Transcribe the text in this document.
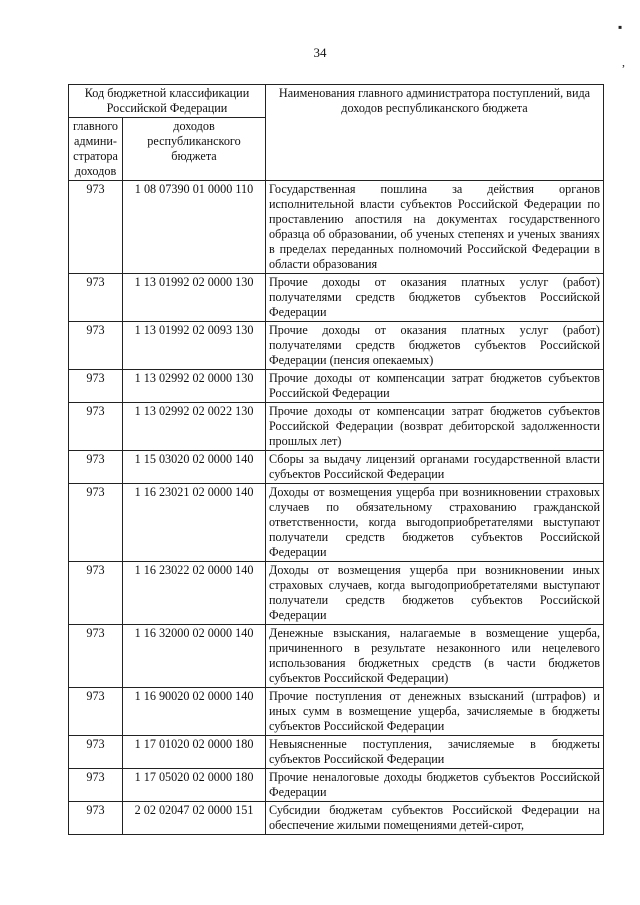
34
▪
,
Код бюджетной классификации Российской Федерации		Наименования главного администратора поступлений, вида доходов республиканского бюджета
главного админи-стратора доходов	доходов республиканского бюджета	
973	1 08 07390 01 0000 110	Государственная пошлина за действия органов исполнительной власти субъектов Российской Федерации по проставлению апостиля на документах государственного образца об образовании, об ученых степенях и ученых званиях в пределах переданных полномочий Российской Федерации в области образования
973	1 13 01992 02 0000 130	Прочие доходы от оказания платных услуг (работ) получателями средств бюджетов субъектов Российской Федерации
973	1 13 01992 02 0093 130	Прочие доходы от оказания платных услуг (работ) получателями средств бюджетов субъектов Российской Федерации (пенсия опекаемых)
973	1 13 02992 02 0000 130	Прочие доходы от компенсации затрат бюджетов субъектов Российской Федерации
973	1 13 02992 02 0022 130	Прочие доходы от компенсации затрат бюджетов субъектов Российской Федерации (возврат дебиторской задолженности прошлых лет)
973	1 15 03020 02 0000 140	Сборы за выдачу лицензий органами государственной власти субъектов Российской Федерации
973	1 16 23021 02 0000 140	Доходы от возмещения ущерба при возникновении страховых случаев по обязательному страхованию гражданской ответственности, когда выгодоприобретателями выступают получатели средств бюджетов субъектов Российской Федерации
973	1 16 23022 02 0000 140	Доходы от возмещения ущерба при возникновении иных страховых случаев, когда выгодоприобретателями выступают получатели средств бюджетов субъектов Российской Федерации
973	1 16 32000 02 0000 140	Денежные взыскания, налагаемые в возмещение ущерба, причиненного в результате незаконного или нецелевого использования бюджетных средств (в части бюджетов субъектов Российской Федерации)
973	1 16 90020 02 0000 140	Прочие поступления от денежных взысканий (штрафов) и иных сумм в возмещение ущерба, зачисляемые в бюджеты субъектов Российской Федерации
973	1 17 01020 02 0000 180	Невыясненные поступления, зачисляемые в бюджеты субъектов Российской Федерации
973	1 17 05020 02 0000 180	Прочие неналоговые доходы бюджетов субъектов Российской Федерации
973	2 02 02047 02 0000 151	Субсидии бюджетам субъектов Российской Федерации на обеспечение жилыми помещениями детей-сирот,
